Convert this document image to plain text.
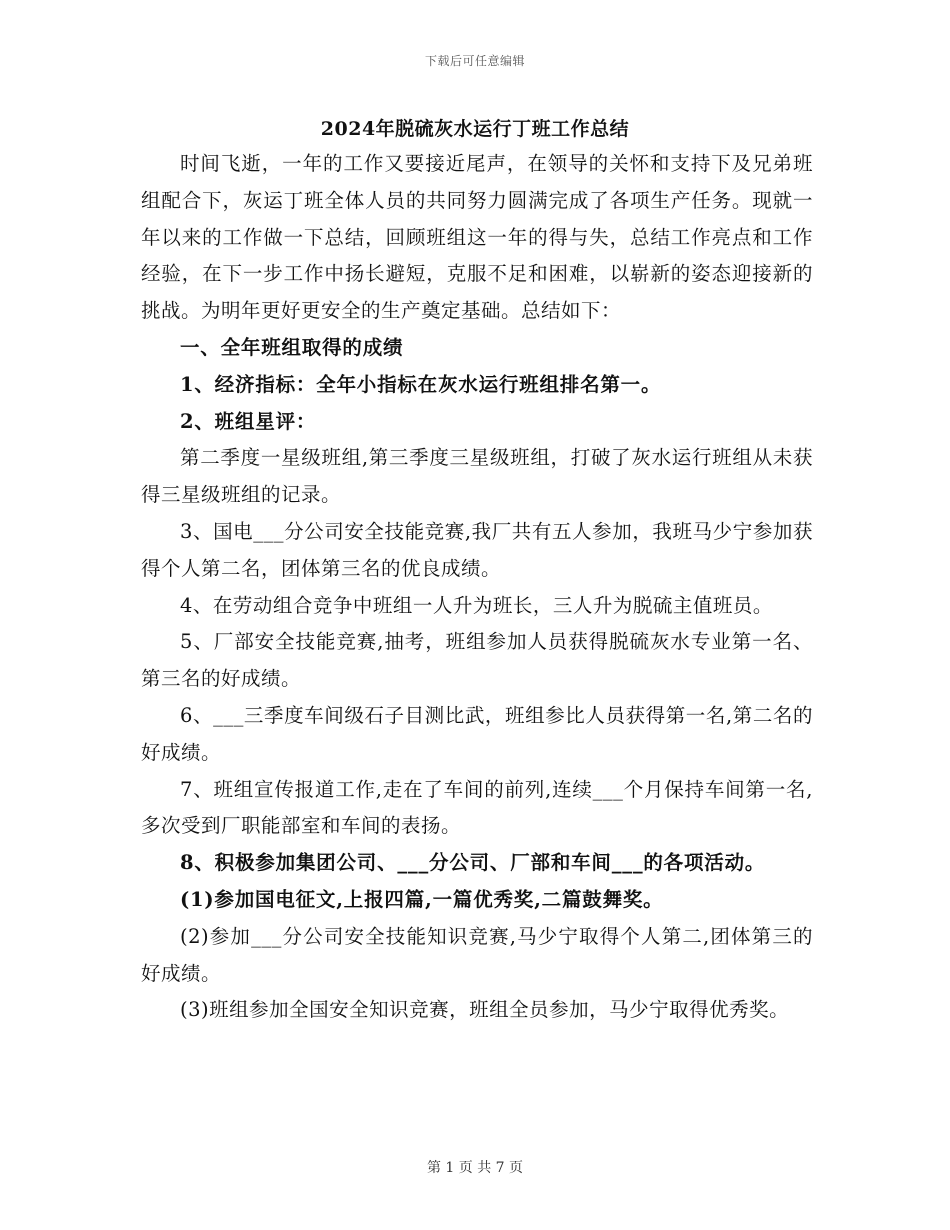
下载后可任意编辑
2024年脱硫灰水运行丁班工作总结

时间飞逝，一年的工作又要接近尾声，在领导的关怀和支持下及兄弟班组配合下，灰运丁班全体人员的共同努力圆满完成了各项生产任务。现就一年以来的工作做一下总结，回顾班组这一年的得与失，总结工作亮点和工作经验，在下一步工作中扬长避短，克服不足和困难，以崭新的姿态迎接新的挑战。为明年更好更安全的生产奠定基础。总结如下：

一、全年班组取得的成绩

1、经济指标：全年小指标在灰水运行班组排名第一。

2、班组星评：

第二季度一星级班组,第三季度三星级班组，打破了灰水运行班组从未获得三星级班组的记录。

3、国电___分公司安全技能竞赛,我厂共有五人参加，我班马少宁参加获得个人第二名，团体第三名的优良成绩。

4、在劳动组合竞争中班组一人升为班长，三人升为脱硫主值班员。

5、厂部安全技能竞赛,抽考，班组参加人员获得脱硫灰水专业第一名、第三名的好成绩。

6、___三季度车间级石子目测比武，班组参比人员获得第一名,第二名的好成绩。

7、班组宣传报道工作,走在了车间的前列,连续___个月保持车间第一名,多次受到厂职能部室和车间的表扬。

8、积极参加集团公司、___分公司、厂部和车间___的各项活动。

(1)参加国电征文,上报四篇,一篇优秀奖,二篇鼓舞奖。

(2)参加___分公司安全技能知识竞赛,马少宁取得个人第二,团体第三的好成绩。

(3)班组参加全国安全知识竞赛，班组全员参加，马少宁取得优秀奖。

第 1 页 共 7 页
